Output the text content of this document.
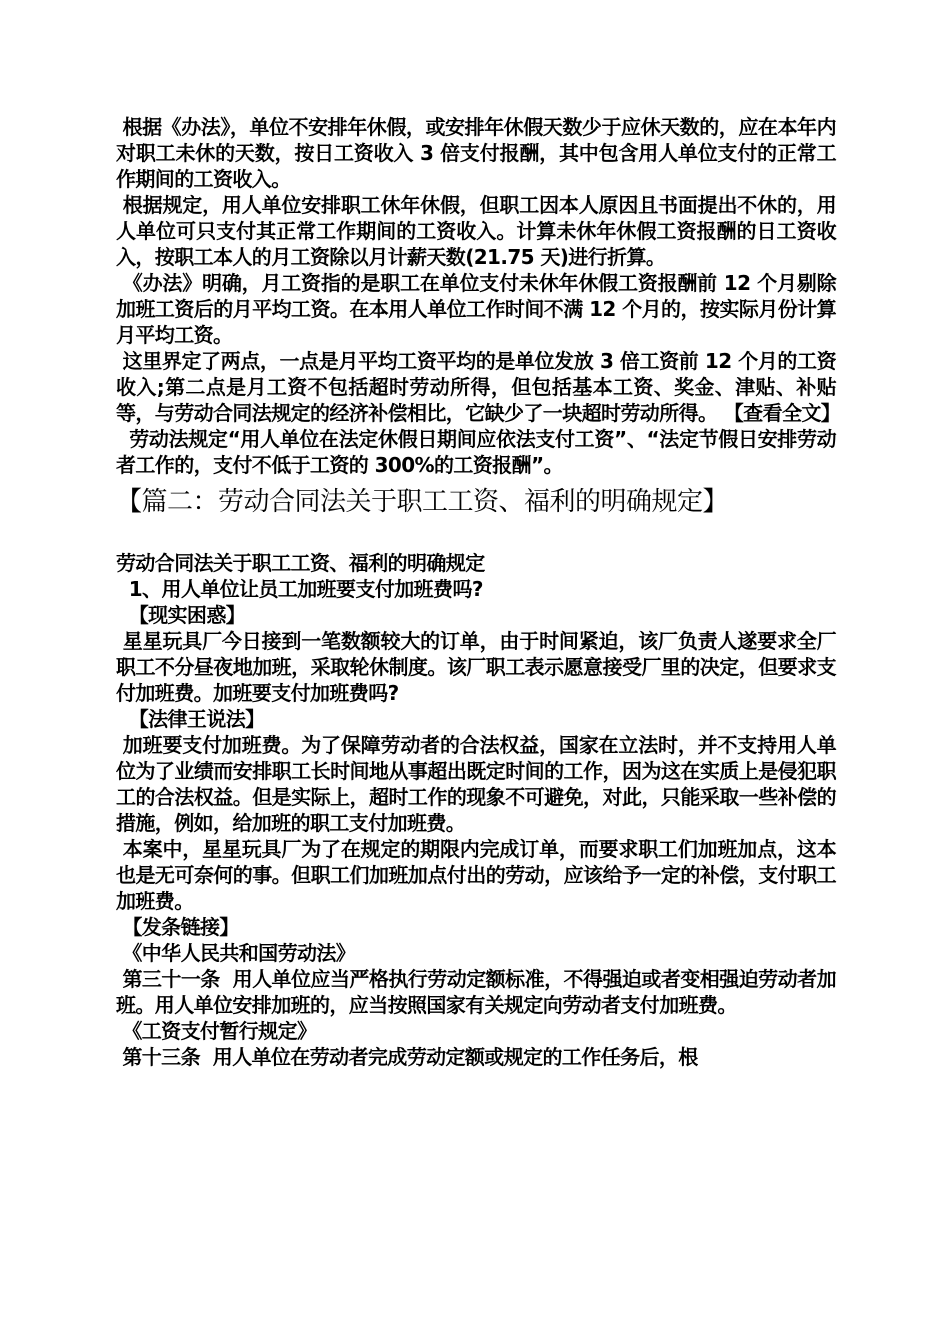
根据《办法》，单位不安排年休假，或安排年休假天数少于应休天数的，应在本年内对职工未休的天数，按日工资收入 3 倍支付报酬，其中包含用人单位支付的正常工作期间的工资收入。

根据规定，用人单位安排职工休年休假，但职工因本人原因且书面提出不休的，用人单位可只支付其正常工作期间的工资收入。计算未休年休假工资报酬的日工资收入，按职工本人的月工资除以月计薪天数(21.75 天)进行折算。

《办法》明确，月工资指的是职工在单位支付未休年休假工资报酬前 12 个月剔除加班工资后的月平均工资。在本用人单位工作时间不满 12 个月的，按实际月份计算月平均工资。

这里界定了两点，一点是月平均工资平均的是单位发放 3 倍工资前 12 个月的工资收入;第二点是月工资不包括超时劳动所得，但包括基本工资、奖金、津贴、补贴等，与劳动合同法规定的经济补偿相比，它缺少了一块超时劳动所得。 【查看全文】

劳动法规定“用人单位在法定休假日期间应依法支付工资”、“法定节假日安排劳动者工作的，支付不低于工资的 300%的工资报酬”。

【篇二：劳动合同法关于职工工资、福利的明确规定】

劳动合同法关于职工工资、福利的明确规定

1、用人单位让员工加班要支付加班费吗?

【现实困惑】

星星玩具厂今日接到一笔数额较大的订单，由于时间紧迫，该厂负责人遂要求全厂职工不分昼夜地加班，采取轮休制度。该厂职工表示愿意接受厂里的决定，但要求支付加班费。加班要支付加班费吗?

【法律王说法】

加班要支付加班费。为了保障劳动者的合法权益，国家在立法时，并不支持用人单位为了业绩而安排职工长时间地从事超出既定时间的工作，因为这在实质上是侵犯职工的合法权益。但是实际上，超时工作的现象不可避免，对此，只能采取一些补偿的措施，例如，给加班的职工支付加班费。

本案中，星星玩具厂为了在规定的期限内完成订单，而要求职工们加班加点，这本也是无可奈何的事。但职工们加班加点付出的劳动，应该给予一定的补偿，支付职工加班费。

【发条链接】

《中华人民共和国劳动法》

第三十一条  用人单位应当严格执行劳动定额标准，不得强迫或者变相强迫劳动者加班。用人单位安排加班的，应当按照国家有关规定向劳动者支付加班费。

《工资支付暂行规定》

第十三条  用人单位在劳动者完成劳动定额或规定的工作任务后，根
